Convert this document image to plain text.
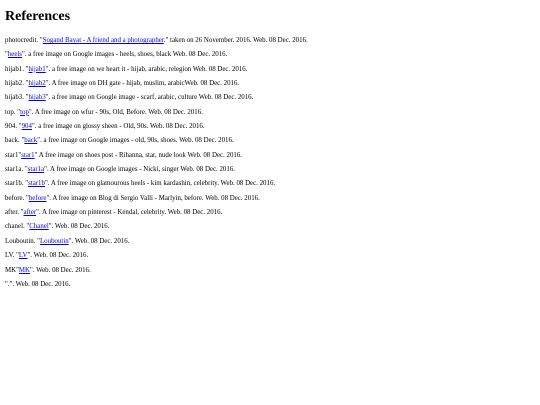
References

photocredit. "Sogand Bayat - A friend and a photographer." taken on 26 November. 2016. Web. 08 Dec. 2016.

"heels". a free image on Google images - heels, shoes, black Web. 08 Dec. 2016.

hijab1. "hijab1". a free image on we heart it - hijab, arabic, relegion Web. 08 Dec. 2016.

hijab2. "hijab2". A free image on DH gate - hijab, muslim, arabicWeb. 08 Dec. 2016.

hijab3. "hijab3". a free image on Google image - scarf, arabic, culture Web. 08 Dec. 2016.

top. "top". A free image on wfur - 90s, Old, Before. Web. 08 Dec. 2016.

904. "904". a free image on glossy sheen - Old, 90s. Web. 08 Dec. 2016.

back. "back". a free image on Google images - old, 90s, shoes. Web. 08 Dec. 2016.

star1"star1" A free image on shoes post - Rihanna, star, nude look Web. 08 Dec. 2016.

star1a. "star1a". A free image on Google images - Nicki, singer Web. 08 Dec. 2016.

star1b. "star1b". A free image on glamourous heels - kim kardashin, celebrity. Web. 08 Dec. 2016.

before. "before". A free image on Blog di Sergio Valli - Marlyin, before. Web. 08 Dec. 2016.

after. "after". A free image on pinterest - Kendal, celebrity. Web. 08 Dec. 2016.

chanel. "Chanel". Web. 08 Dec. 2016.

Louboutin. "Louboutin". Web. 08 Dec. 2016.

LV. "LV". Web. 08 Dec. 2016.

MK"MK". Web. 08 Dec. 2016.

".". Web. 08 Dec. 2016.
